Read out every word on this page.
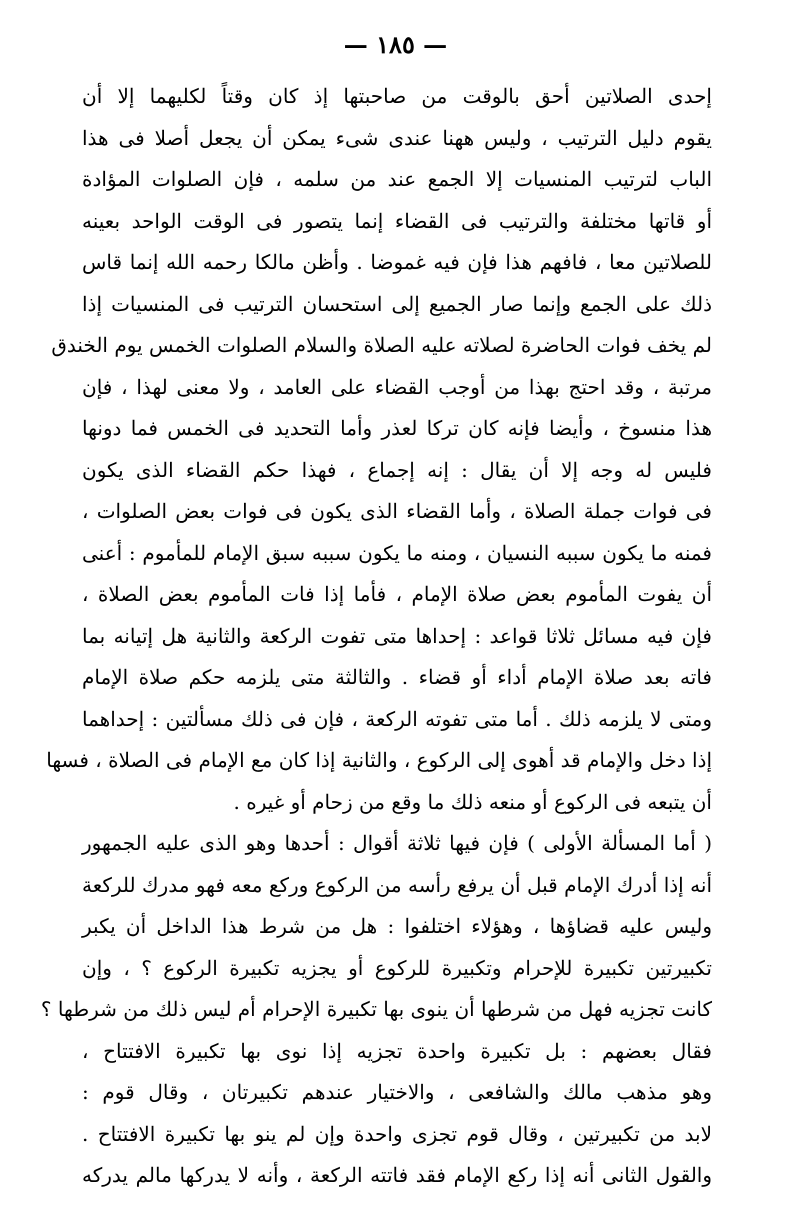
— ١٨٥ —
إحدى الصلاتين أحق بالوقت من صاحبتها إذ كان وقتاً لكليهما إلا أن
يقوم دليل الترتيب ، وليس ههنا عندى شىء يمكن أن يجعل أصلا فى هذا
الباب لترتيب المنسيات إلا الجمع عند من سلمه ، فإن الصلوات المؤادة
أو قاتها مختلفة والترتيب فى القضاء إنما يتصور فى الوقت الواحد بعينه
للصلاتين معا ، فافهم هذا فإن فيه غموضا . وأظن مالكا رحمه الله إنما قاس
ذلك على الجمع وإنما صار الجميع إلى استحسان الترتيب فى المنسيات إذا
لم يخف فوات الحاضرة لصلاته عليه الصلاة والسلام الصلوات الخمس يوم الخندق
مرتبة ، وقد احتج بهذا من أوجب القضاء على العامد ، ولا معنى لهذا ، فإن
هذا منسوخ ، وأيضا فإنه كان تركا لعذر وأما التحديد فى الخمس فما دونها
فليس له وجه إلا أن يقال : إنه إجماع ، فهذا حكم القضاء الذى يكون
فى فوات جملة الصلاة ، وأما القضاء الذى يكون فى فوات بعض الصلوات ،
فمنه ما يكون سببه النسيان ، ومنه ما يكون سببه سبق الإمام للمأموم : أعنى
أن يفوت المأموم بعض صلاة الإمام ، فأما إذا فات المأموم بعض الصلاة ،
فإن فيه مسائل ثلاثا قواعد : إحداها متى تفوت الركعة والثانية هل إتيانه بما
فاته بعد صلاة الإمام أداء أو قضاء . والثالثة متى يلزمه حكم صلاة الإمام
ومتى لا يلزمه ذلك . أما متى تفوته الركعة ، فإن فى ذلك مسألتين : إحداهما
إذا دخل والإمام قد أهوى إلى الركوع ، والثانية إذا كان مع الإمام فى الصلاة ، فسها
أن يتبعه فى الركوع أو منعه ذلك ما وقع من زحام أو غيره .
( أما المسألة الأولى ) فإن فيها ثلاثة أقوال : أحدها وهو الذى عليه الجمهور
أنه إذا أدرك الإمام قبل أن يرفع رأسه من الركوع وركع معه فهو مدرك للركعة
وليس عليه قضاؤها ، وهؤلاء اختلفوا : هل من شرط هذا الداخل أن يكبر
تكبيرتين تكبيرة للإحرام وتكبيرة للركوع أو يجزيه تكبيرة الركوع ؟ ، وإن
كانت تجزيه فهل من شرطها أن ينوى بها تكبيرة الإحرام أم ليس ذلك من شرطها ؟
فقال بعضهم : بل تكبيرة واحدة تجزيه إذا نوى بها تكبيرة الافتتاح ،
وهو مذهب مالك والشافعى ، والاختيار عندهم تكبيرتان ، وقال قوم :
لابد من تكبيرتين ، وقال قوم تجزى واحدة وإن لم ينو بها تكبيرة الافتتاح .
والقول الثانى أنه إذا ركع الإمام فقد فاتته الركعة ، وأنه لا يدركها مالم يدركه
